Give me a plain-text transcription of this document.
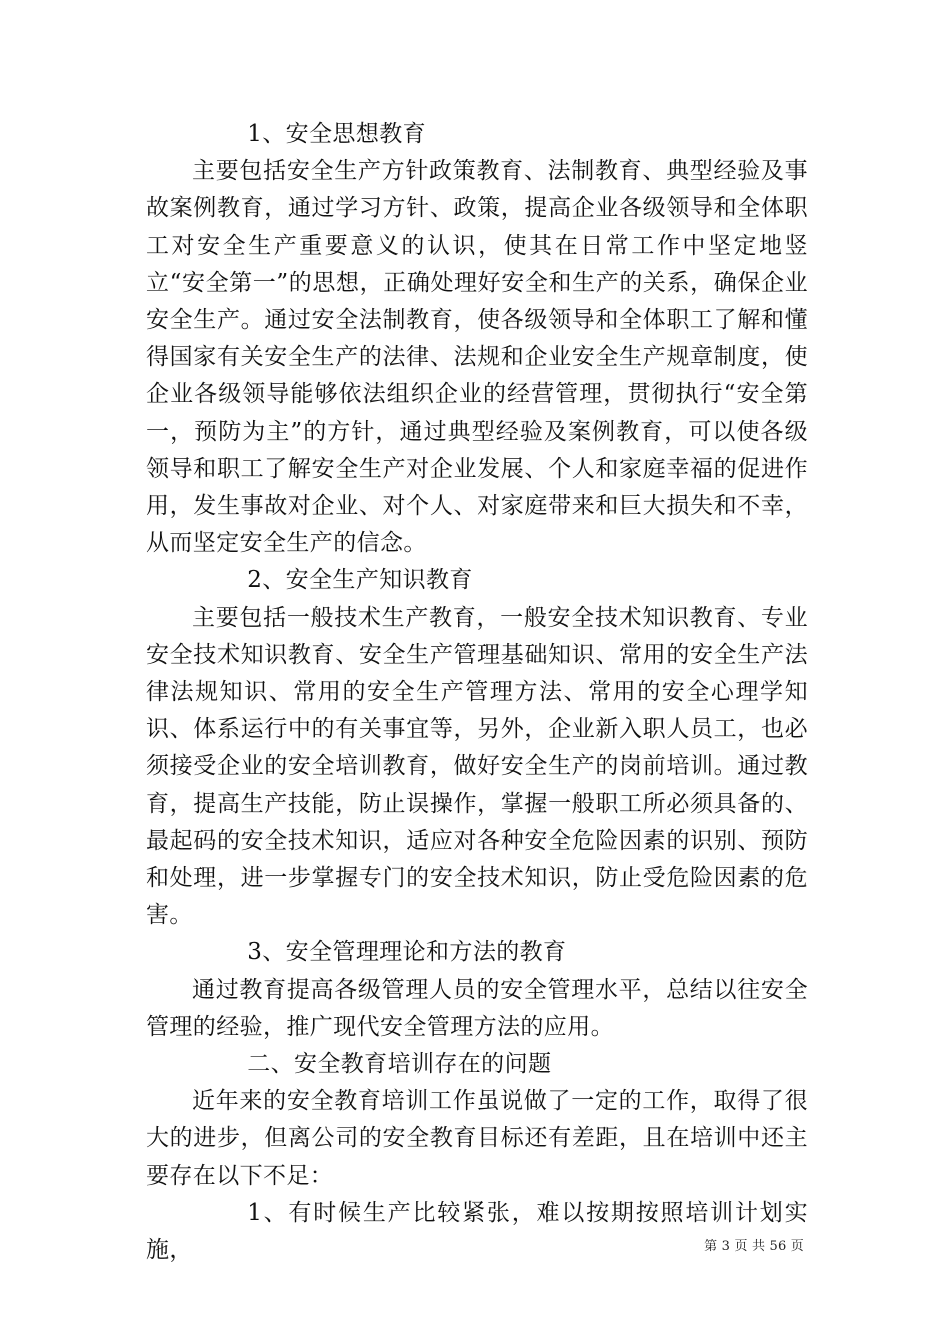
1、安全思想教育

主要包括安全生产方针政策教育、法制教育、典型经验及事故案例教育，通过学习方针、政策，提高企业各级领导和全体职工对安全生产重要意义的认识，使其在日常工作中坚定地竖立“安全第一”的思想，正确处理好安全和生产的关系，确保企业安全生产。通过安全法制教育，使各级领导和全体职工了解和懂得国家有关安全生产的法律、法规和企业安全生产规章制度，使企业各级领导能够依法组织企业的经营管理，贯彻执行“安全第一，预防为主”的方针，通过典型经验及案例教育，可以使各级领导和职工了解安全生产对企业发展、个人和家庭幸福的促进作用，发生事故对企业、对个人、对家庭带来和巨大损失和不幸，从而坚定安全生产的信念。

2、安全生产知识教育

主要包括一般技术生产教育，一般安全技术知识教育、专业安全技术知识教育、安全生产管理基础知识、常用的安全生产法律法规知识、常用的安全生产管理方法、常用的安全心理学知识、体系运行中的有关事宜等，另外，企业新入职人员工，也必须接受企业的安全培训教育，做好安全生产的岗前培训。通过教育，提高生产技能，防止误操作，掌握一般职工所必须具备的、最起码的安全技术知识，适应对各种安全危险因素的识别、预防和处理，进一步掌握专门的安全技术知识，防止受危险因素的危害。

3、安全管理理论和方法的教育

通过教育提高各级管理人员的安全管理水平，总结以往安全管理的经验，推广现代安全管理方法的应用。

二、安全教育培训存在的问题

近年来的安全教育培训工作虽说做了一定的工作，取得了很大的进步，但离公司的安全教育目标还有差距，且在培训中还主要存在以下不足：

1、有时候生产比较紧张，难以按期按照培训计划实施，	第 3 页 共 56 页
